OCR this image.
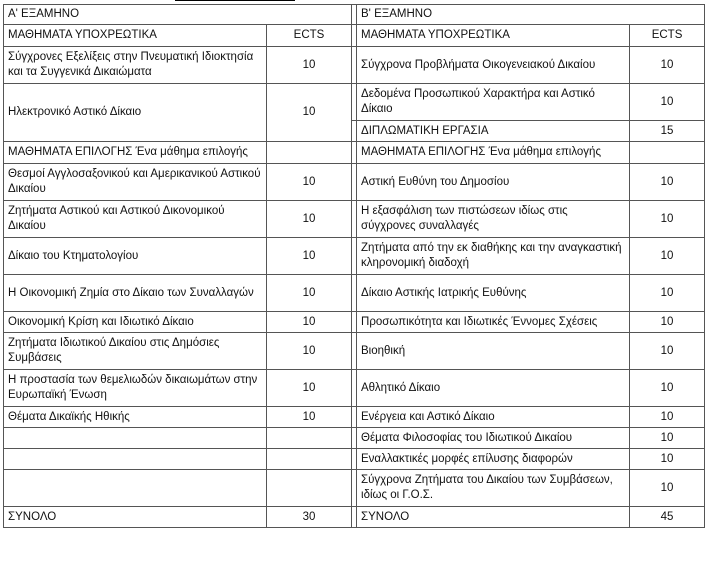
Α' ΕΞΑΜΗΝΟ			Β' ΕΞΑΜΗΝΟ	
ΜΑΘΗΜΑΤΑ ΥΠΟΧΡΕΩΤΙΚΑ	ECTS		ΜΑΘΗΜΑΤΑ ΥΠΟΧΡΕΩΤΙΚΑ	ECTS
Σύγχρονες Εξελίξεις στην Πνευματική Ιδιοκτησία και τα Συγγενικά Δικαιώματα	10		Σύγχρονα Προβλήματα Οικογενειακού Δικαίου	10
Ηλεκτρονικό Αστικό Δίκαιο	10		Δεδομένα Προσωπικού Χαρακτήρα και Αστικό Δίκαιο	10
			ΔΙΠΛΩΜΑΤΙΚΗ ΕΡΓΑΣΙΑ	15
ΜΑΘΗΜΑΤΑ ΕΠΙΛΟΓΗΣ Ένα μάθημα επιλογής			ΜΑΘΗΜΑΤΑ ΕΠΙΛΟΓΗΣ Ένα μάθημα επιλογής	
Θεσμοί Αγγλοσαξονικού και Αμερικανικού Αστικού Δικαίου	10		Αστική Ευθύνη του Δημοσίου	10
Ζητήματα Αστικού και Αστικού Δικονομικού Δικαίου	10		Η εξασφάλιση των πιστώσεων ιδίως στις σύγχρονες συναλλαγές	10
Δίκαιο του Κτηματολογίου	10		Ζητήματα από την εκ διαθήκης και την αναγκαστική κληρονομική διαδοχή	10
Η Οικονομική Ζημία στο Δίκαιο των Συναλλαγών	10		Δίκαιο Αστικής Ιατρικής Ευθύνης	10
Οικονομική Κρίση και Ιδιωτικό Δίκαιο	10		Προσωπικότητα και Ιδιωτικές Έννομες Σχέσεις	10
Ζητήματα Ιδιωτικού Δικαίου στις Δημόσιες Συμβάσεις	10		Βιοηθική	10
Η προστασία των θεμελιωδών δικαιωμάτων στην Ευρωπαϊκή Ένωση	10		Αθλητικό Δίκαιο	10
Θέματα Δικαϊκής Ηθικής	10		Ενέργεια και Αστικό Δίκαιο	10
			Θέματα Φιλοσοφίας του Ιδιωτικού Δικαίου	10
			Εναλλακτικές μορφές επίλυσης διαφορών	10
			Σύγχρονα Ζητήματα του Δικαίου των Συμβάσεων, ιδίως οι Γ.Ο.Σ.	10
ΣΥΝΟΛΟ	30		ΣΥΝΟΛΟ	45
